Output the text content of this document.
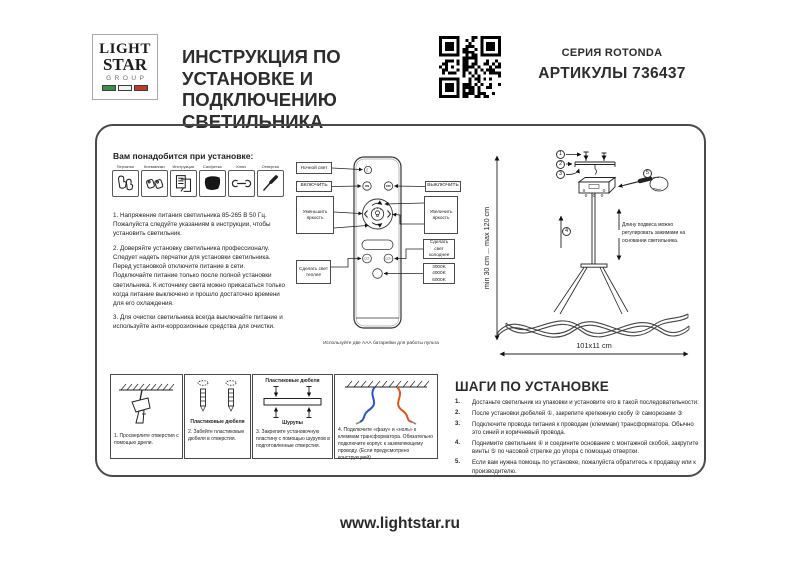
LIGHT
STAR
GROUP
ИНСТРУКЦИЯ ПО УСТАНОВКЕ И
ПОДКЛЮЧЕНИЮ СВЕТИЛЬНИКА
СЕРИЯ ROTONDA
АРТИКУЛЫ 736437
Вам понадобится при установке:
Перчатки	Клеммники	Инструкция	Салфетка	Ключ	Отвертка
1. Напряжение питания светильника 85-265 В 50 Гц. Пожалуйста следуйте указаниям в инструкции, чтобы установить светильник.
2. Доверяйте установку светильника профессионалу. Следует надеть перчатки для установки светильника. Перед установкой отключите питание в сети. Подключайте питание только после полной установки светильника. К источнику света можно прикасаться только когда питание выключено и прошло достаточно времени для его охлаждения.
3. Для очистки светильника всегда выключайте питание и используйте анти-коррозионные средства для очистки.
☾
ON	OFF
CCT-	CCT+
Ночной свет
ВКЛЮЧИТЬ
Уменьшить яркость
Сделать свет теплее
ВЫКЛЮЧИТЬ
Увеличить яркость
Сделать свет холоднее
3000K
4000K
6000K
Используйте две ААА батарейки для работы пульта
min 30 cm ... max 120 cm
101x11 cm
Длину подвеса можно регулировать зажимами на основании светильника.
1
2
3
4
5
1. Просверлите отверстия с помощью дрели.
Пластиковые дюбеля
2. Забейте пластиковые дюбеля в отверстия.
Пластиковые дюбеля
Шурупы
3. Закрепите установочную пластину с помощью шурупов в подготовленные отверстия.
4. Подключите «фазу» и «ноль» к клеммам трансформатора. Обязательно подключите корпус к заземляющему проводу. (Если предусмотрено конструкцией)
ШАГИ ПО УСТАНОВКЕ
1.	Достаньте светильник из упаковки и установите его в такой последовательности:
2.	После установки дюбелей ①, закрепите крепежную скобу ② саморезами ③
3.	Подключите провода питания к проводам (клеммам) трансформатора. Обычно это синий и коричневый провода.
4.	Поднимите светильник ④ и соедините основание с монтажной скобой, закрутите винты ⑤ по часовой стрелке до упора с помощью отвертки.
5.	Если вам нужна помощь по установке, пожалуйста обратитесь к продавцу или к производителю.
www.lightstar.ru
